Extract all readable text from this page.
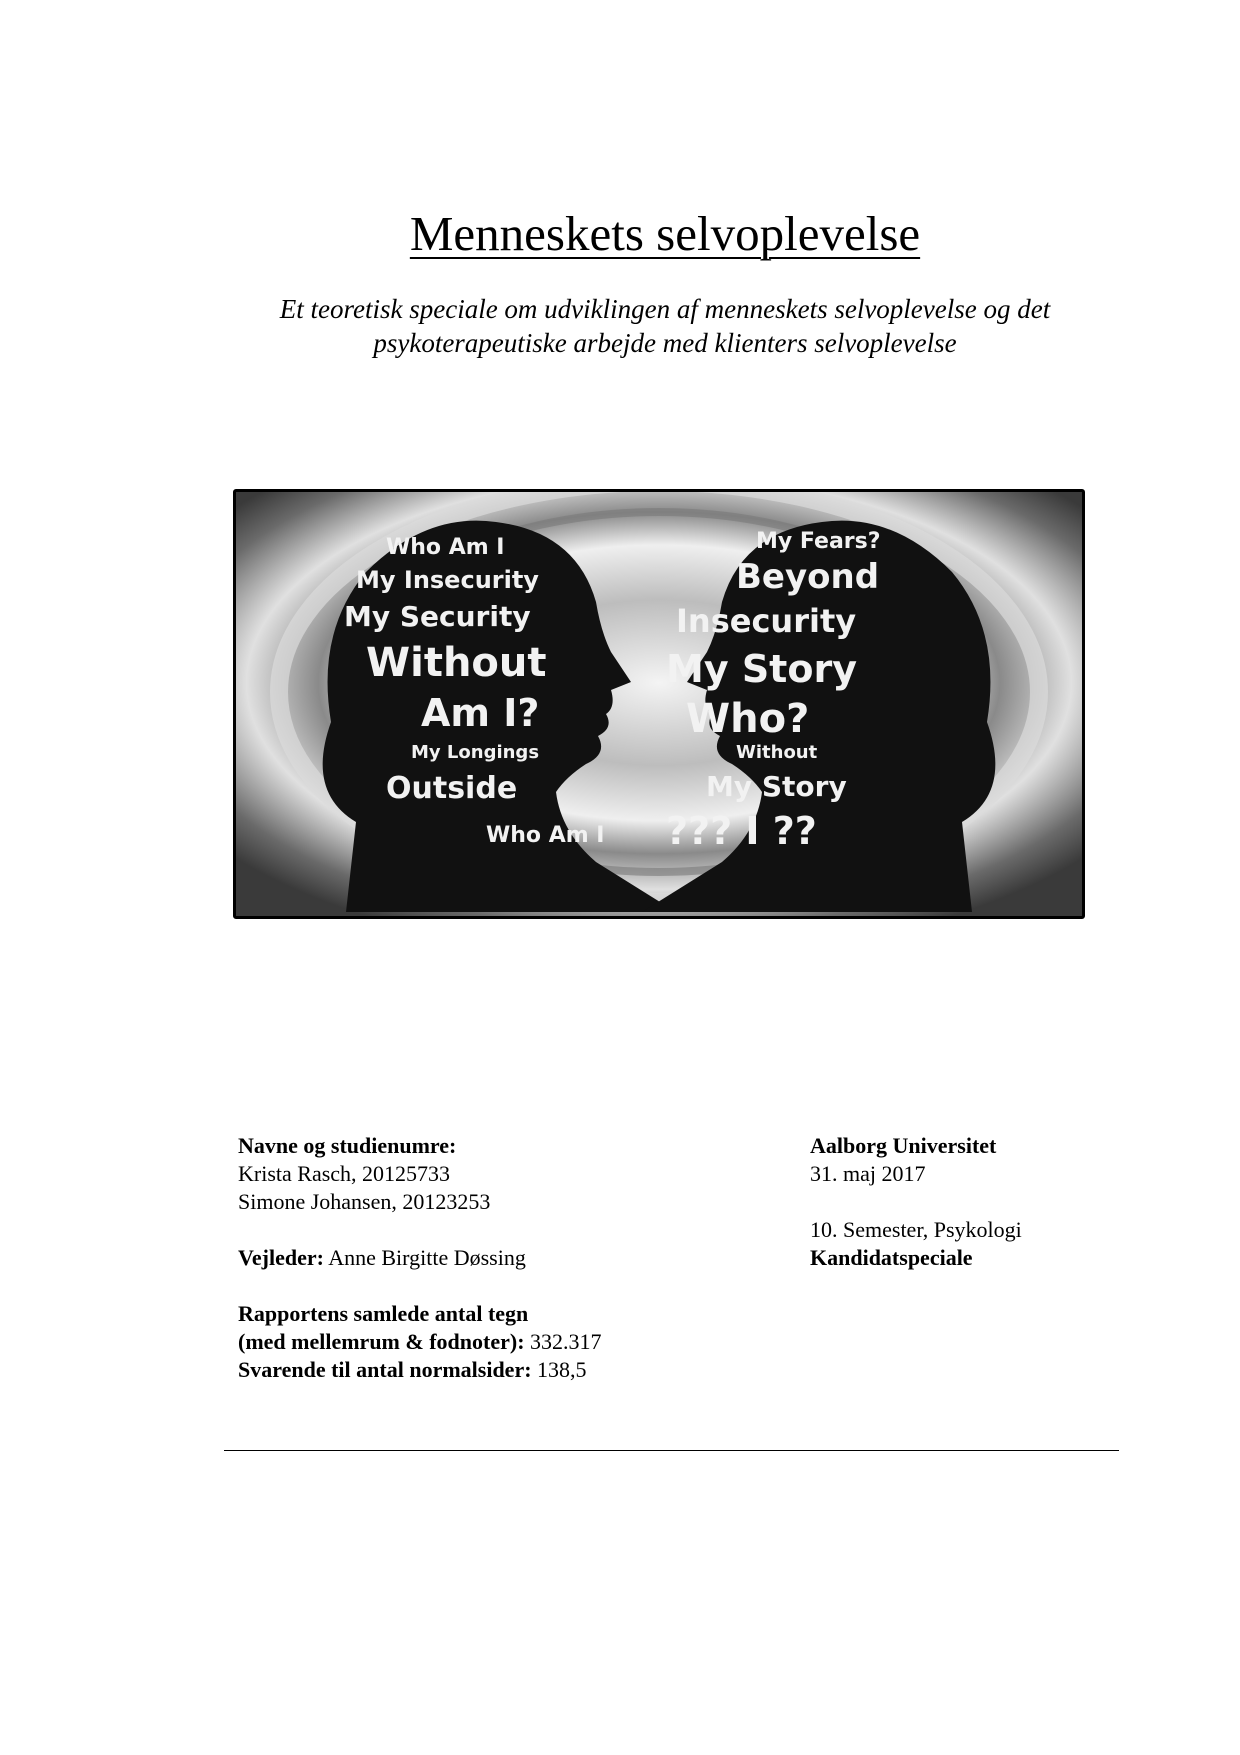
Menneskets selvoplevelse
Et teoretisk speciale om udviklingen af menneskets selvoplevelse og det
psykoterapeutiske arbejde med klienters selvoplevelse
Who Am I
My Insecurity
My Security
Without
Am I?
My Longings
Outside
Who Am I
My Fears?
Beyond
Insecurity
My Story
Who?
Without
My Story
??? I ??
Navne og studienumre:
Krista Rasch, 20125733
Simone Johansen, 20123253
Vejleder: Anne Birgitte Døssing
Rapportens samlede antal tegn
(med mellemrum & fodnoter): 332.317
Svarende til antal normalsider: 138,5
Aalborg Universitet
31. maj 2017
10. Semester, Psykologi
Kandidatspeciale
